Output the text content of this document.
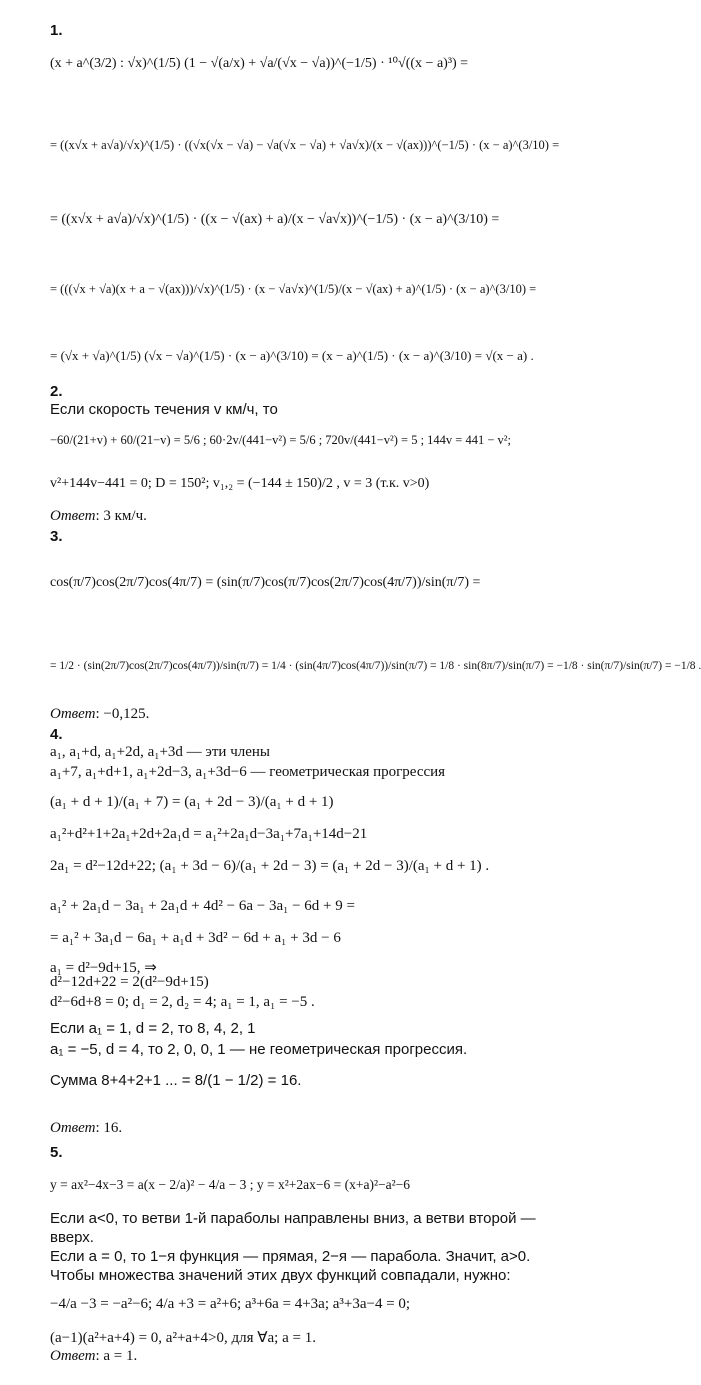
1.
(x + a^(3/2) : √x)^(1/5) (1 − √(a/x) + √a/(√x − √a))^(−1/5) · ¹⁰√((x − a)³) =
= ((x√x + a√a)/√x)^(1/5) · ((√x(√x − √a) − √a(√x − √a) + √a√x)/(x − √(ax)))^(−1/5) · (x − a)^(3/10) =
= ((x√x + a√a)/√x)^(1/5) · ((x − √(ax) + a)/(x − √a√x))^(−1/5) · (x − a)^(3/10) =
= (((√x + √a)(x + a − √(ax)))/√x)^(1/5) · (x − √a√x)^(1/5)/(x − √(ax) + a)^(1/5) · (x − a)^(3/10) =
= (√x + √a)^(1/5) (√x − √a)^(1/5) · (x − a)^(3/10) = (x − a)^(1/5) · (x − a)^(3/10) = √(x − a) .
2.
Если скорость течения v км/ч, то
−60/(21+v) + 60/(21−v) = 5/6 ; 60·2v/(441−v²) = 5/6 ; 720v/(441−v²) = 5 ; 144v = 441 − v²;
v²+144v−441 = 0; D = 150²; v₁,₂ = (−144 ± 150)/2 , v = 3 (т.к. v>0)
Ответ: 3 км/ч.
3.
cos(π/7)cos(2π/7)cos(4π/7) = (sin(π/7)cos(π/7)cos(2π/7)cos(4π/7))/sin(π/7) =
= 1/2 · (sin(2π/7)cos(2π/7)cos(4π/7))/sin(π/7) = 1/4 · (sin(4π/7)cos(4π/7))/sin(π/7) = 1/8 · sin(8π/7)/sin(π/7) = −1/8 · sin(π/7)/sin(π/7) = −1/8 .
Ответ: −0,125.
4.
a₁, a₁+d, a₁+2d, a₁+3d — эти члены
a₁+7, a₁+d+1, a₁+2d−3, a₁+3d−6 — геометрическая прогрессия
(a₁ + d + 1)/(a₁ + 7) = (a₁ + 2d − 3)/(a₁ + d + 1)
a₁²+d²+1+2a₁+2d+2a₁d = a₁²+2a₁d−3a₁+7a₁+14d−21
2a₁ = d²−12d+22; (a₁ + 3d − 6)/(a₁ + 2d − 3) = (a₁ + 2d − 3)/(a₁ + d + 1) .
a₁² + 2a₁d − 3a₁ + 2a₁d + 4d² − 6a − 3a₁ − 6d + 9 =
= a₁² + 3a₁d − 6a₁ + a₁d + 3d² − 6d + a₁ + 3d − 6
a₁ = d²−9d+15, ⇒
d²−12d+22 = 2(d²−9d+15)
d²−6d+8 = 0; d₁ = 2, d₂ = 4; a₁ = 1, a₁ = −5 .
Если a₁ = 1, d = 2, то 8, 4, 2, 1
a₁ = −5, d = 4, то 2, 0, 0, 1 — не геометрическая прогрессия.
Сумма 8+4+2+1 ... = 8/(1 − 1/2) = 16.
Ответ: 16.
5.
y = ax²−4x−3 = a(x − 2/a)² − 4/a − 3 ; y = x²+2ax−6 = (x+a)²−a²−6
Если a<0, то ветви 1-й параболы направлены вниз, а ветви второй —
вверх.
Если a = 0, то 1−я функция — прямая, 2−я — парабола. Значит, a>0.
Чтобы множества значений этих двух функций совпадали, нужно:
−4/a −3 = −a²−6; 4/a +3 = a²+6; a³+6a = 4+3a; a³+3a−4 = 0;
(a−1)(a²+a+4) = 0, a²+a+4>0, для ∀a; a = 1.
Ответ: a = 1.
